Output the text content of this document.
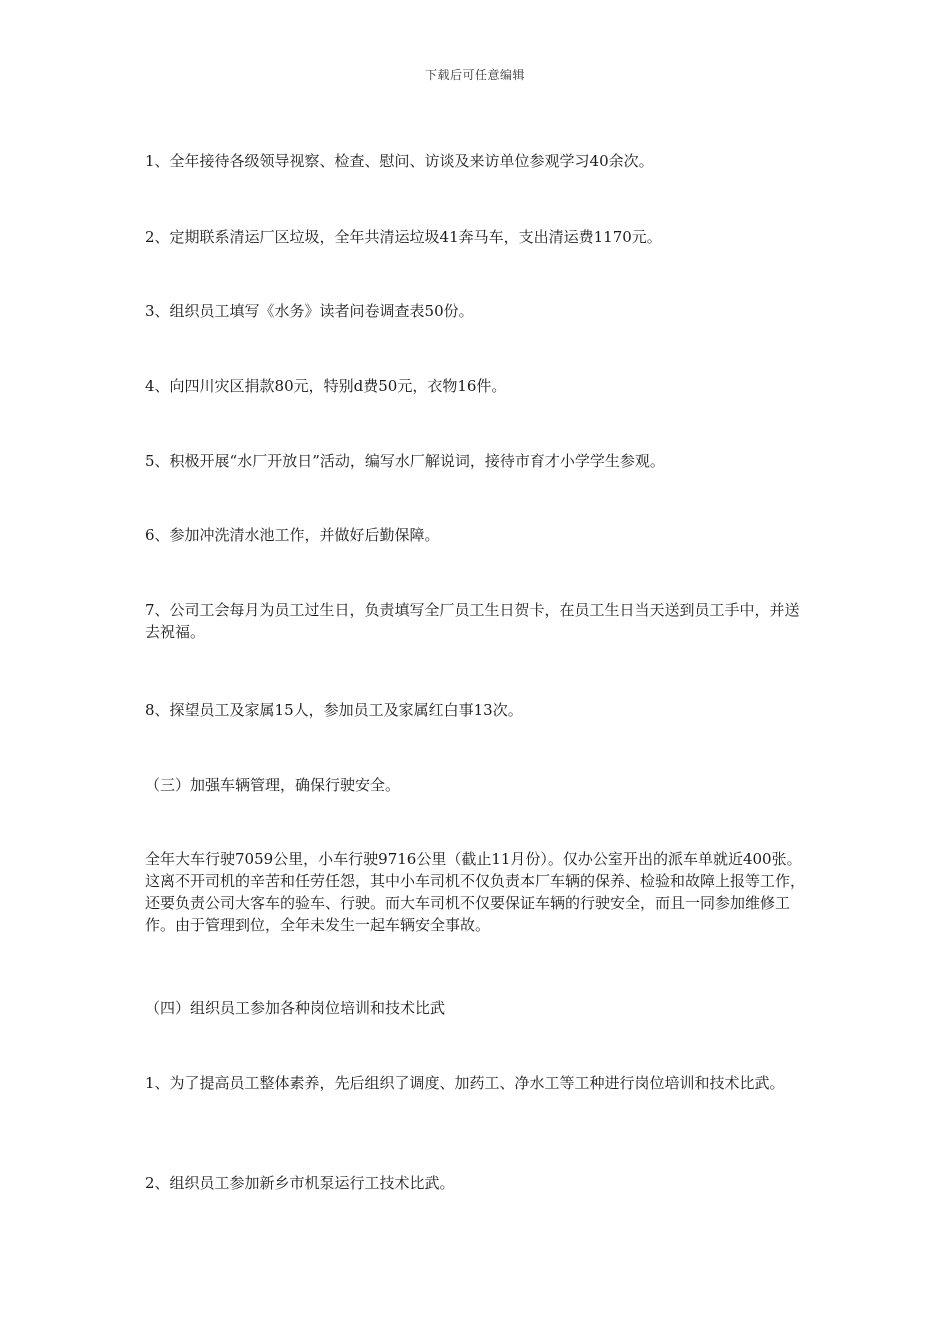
下载后可任意编辑

1、全年接待各级领导视察、检查、慰问、访谈及来访单位参观学习40余次。

2、定期联系清运厂区垃圾，全年共清运垃圾41奔马车，支出清运费1170元。

3、组织员工填写《水务》读者问卷调查表50份。

4、向四川灾区捐款80元，特别d费50元，衣物16件。

5、积极开展“水厂开放日”活动，编写水厂解说词，接待市育才小学学生参观。

6、参加冲洗清水池工作，并做好后勤保障。

7、公司工会每月为员工过生日，负责填写全厂员工生日贺卡，在员工生日当天送到员工手中，并送去祝福。

8、探望员工及家属15人，参加员工及家属红白事13次。

（三）加强车辆管理，确保行驶安全。

全年大车行驶7059公里，小车行驶9716公里（截止11月份）。仅办公室开出的派车单就近400张。这离不开司机的辛苦和任劳任怨，其中小车司机不仅负责本厂车辆的保养、检验和故障上报等工作，还要负责公司大客车的验车、行驶。而大车司机不仅要保证车辆的行驶安全，而且一同参加维修工作。由于管理到位，全年未发生一起车辆安全事故。

（四）组织员工参加各种岗位培训和技术比武

1、为了提高员工整体素养，先后组织了调度、加药工、净水工等工种进行岗位培训和技术比武。

2、组织员工参加新乡市机泵运行工技术比武。
